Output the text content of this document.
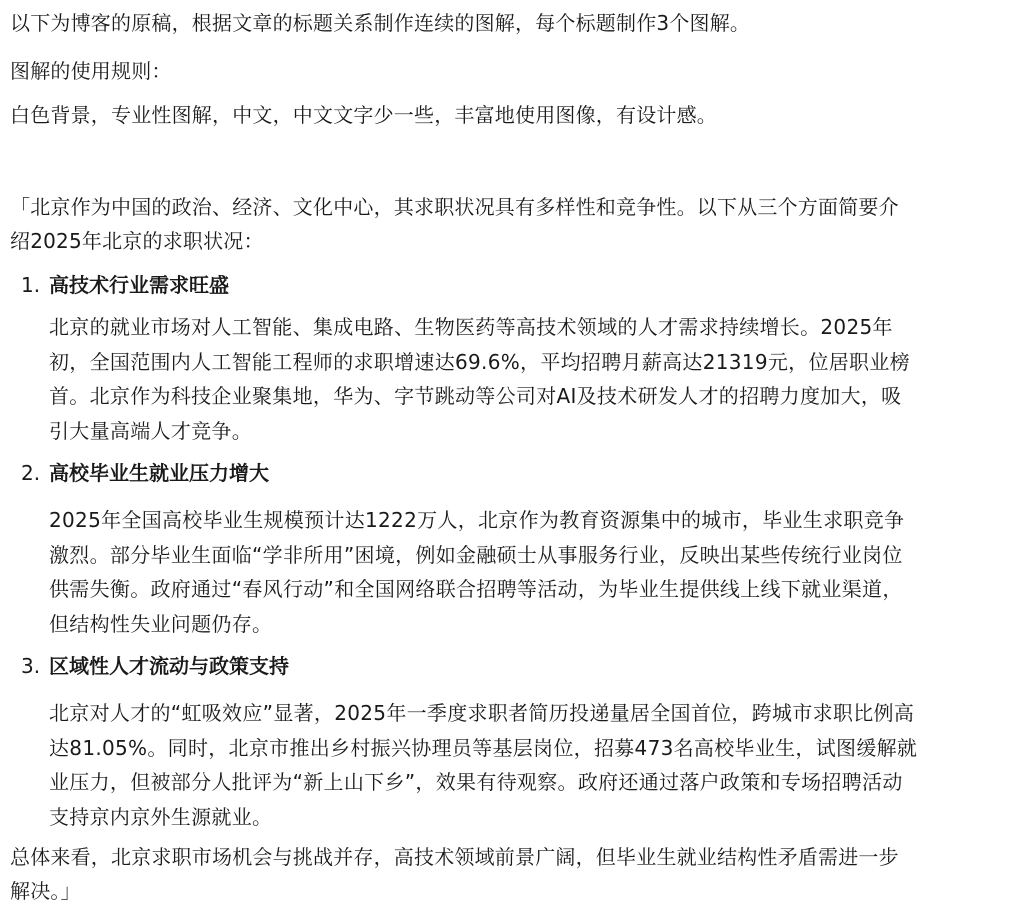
以下为博客的原稿，根据文章的标题关系制作连续的图解，每个标题制作3个图解。
图解的使用规则：
白色背景，专业性图解，中文，中文文字少一些，丰富地使用图像，有设计感。
「北京作为中国的政治、经济、文化中心，其求职状况具有多样性和竞争性。以下从三个方面简要介
绍2025年北京的求职状况：
1. 高技术行业需求旺盛
北京的就业市场对人工智能、集成电路、生物医药等高技术领域的人才需求持续增长。2025年
初，全国范围内人工智能工程师的求职增速达69.6%，平均招聘月薪高达21319元，位居职业榜
首。北京作为科技企业聚集地，华为、字节跳动等公司对AI及技术研发人才的招聘力度加大，吸
引大量高端人才竞争。
2. 高校毕业生就业压力增大
2025年全国高校毕业生规模预计达1222万人，北京作为教育资源集中的城市，毕业生求职竞争
激烈。部分毕业生面临“学非所用”困境，例如金融硕士从事服务行业，反映出某些传统行业岗位
供需失衡。政府通过“春风行动”和全国网络联合招聘等活动，为毕业生提供线上线下就业渠道，
但结构性失业问题仍存。
3. 区域性人才流动与政策支持
北京对人才的“虹吸效应”显著，2025年一季度求职者简历投递量居全国首位，跨城市求职比例高
达81.05%。同时，北京市推出乡村振兴协理员等基层岗位，招募473名高校毕业生，试图缓解就
业压力，但被部分人批评为“新上山下乡”，效果有待观察。政府还通过落户政策和专场招聘活动
支持京内京外生源就业。
总体来看，北京求职市场机会与挑战并存，高技术领域前景广阔，但毕业生就业结构性矛盾需进一步
解决。」
